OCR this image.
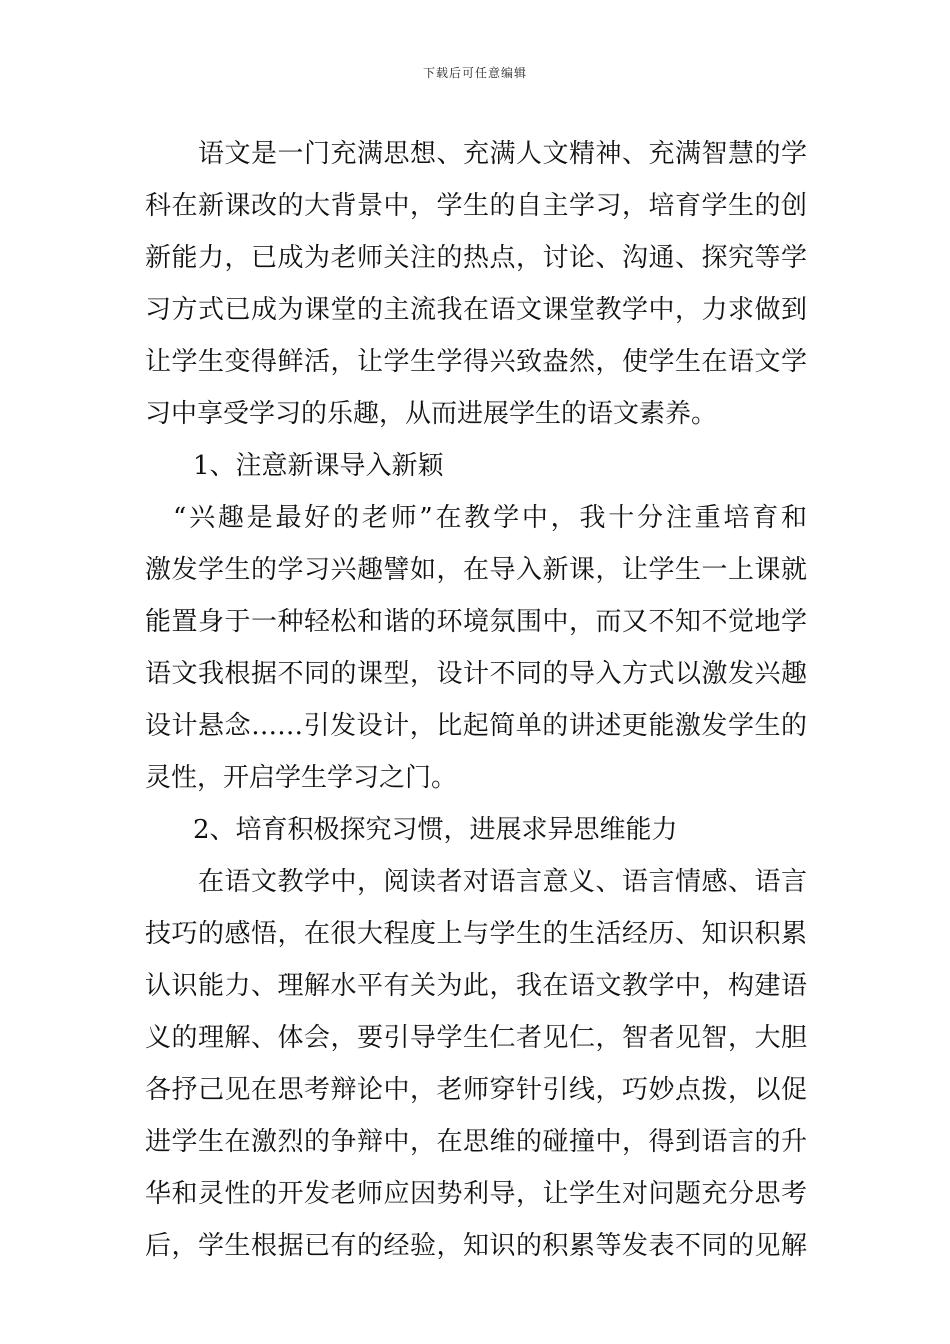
下载后可任意编辑
语文是一门充满思想、充满人文精神、充满智慧的学
科在新课改的大背景中，学生的自主学习，培育学生的创
新能力，已成为老师关注的热点，讨论、沟通、探究等学
习方式已成为课堂的主流我在语文课堂教学中，力求做到
让学生变得鲜活，让学生学得兴致盎然，使学生在语文学
习中享受学习的乐趣，从而进展学生的语文素养。
1、注意新课导入新颖
“兴趣是最好的老师”在教学中，我十分注重培育和
激发学生的学习兴趣譬如，在导入新课，让学生一上课就
能置身于一种轻松和谐的环境氛围中，而又不知不觉地学
语文我根据不同的课型，设计不同的导入方式以激发兴趣
设计悬念……引发设计，比起简单的讲述更能激发学生的
灵性，开启学生学习之门。
2、培育积极探究习惯，进展求异思维能力
在语文教学中，阅读者对语言意义、语言情感、语言
技巧的感悟，在很大程度上与学生的生活经历、知识积累
认识能力、理解水平有关为此，我在语文教学中，构建语
义的理解、体会，要引导学生仁者见仁，智者见智，大胆
各抒己见在思考辩论中，老师穿针引线，巧妙点拨，以促
进学生在激烈的争辩中，在思维的碰撞中，得到语言的升
华和灵性的开发老师应因势利导，让学生对问题充分思考
后，学生根据已有的经验，知识的积累等发表不同的见解
